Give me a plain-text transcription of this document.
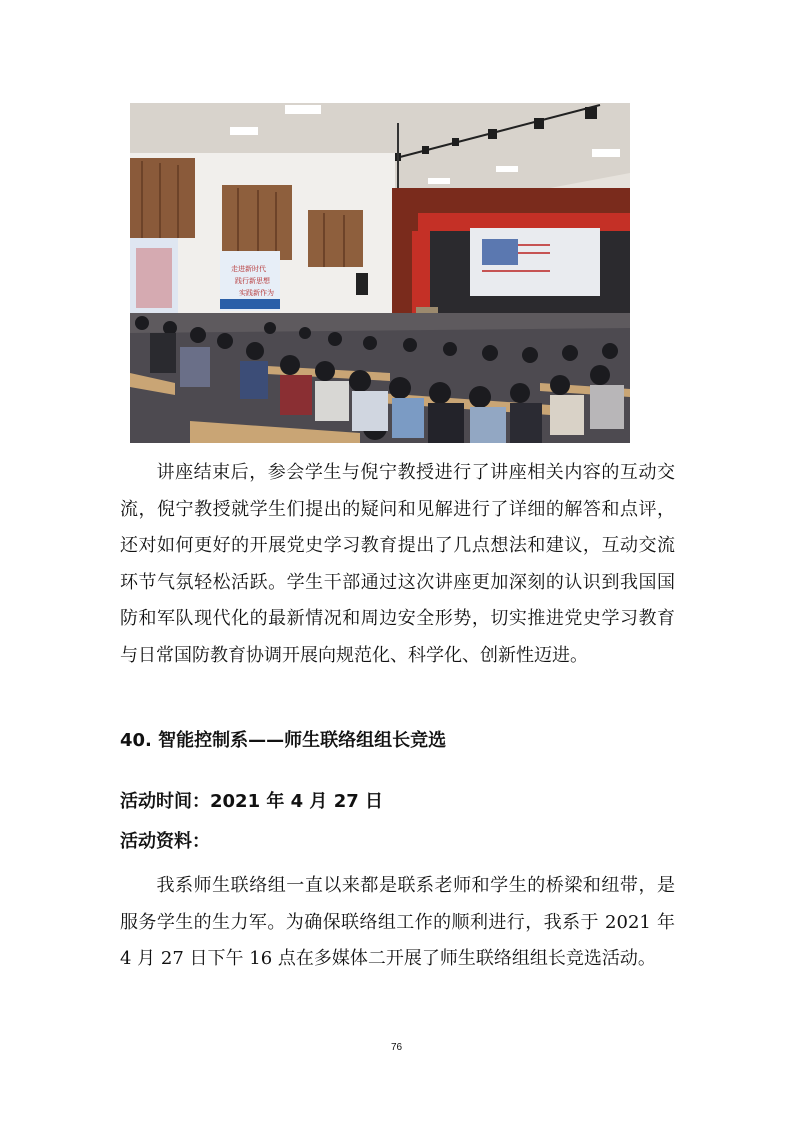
走进新时代
践行新思想
实践新作为

讲座结束后，参会学生与倪宁教授进行了讲座相关内容的互动交流，倪宁教授就学生们提出的疑问和见解进行了详细的解答和点评，还对如何更好的开展党史学习教育提出了几点想法和建议，互动交流环节气氛轻松活跃。学生干部通过这次讲座更加深刻的认识到我国国防和军队现代化的最新情况和周边安全形势，切实推进党史学习教育与日常国防教育协调开展向规范化、科学化、创新性迈进。

40. 智能控制系——师生联络组组长竞选
活动时间：2021 年 4 月 27 日
活动资料：

我系师生联络组一直以来都是联系老师和学生的桥梁和纽带，是服务学生的生力军。为确保联络组工作的顺利进行，我系于 2021 年 4 月 27 日下午 16 点在多媒体二开展了师生联络组组长竞选活动。

76
